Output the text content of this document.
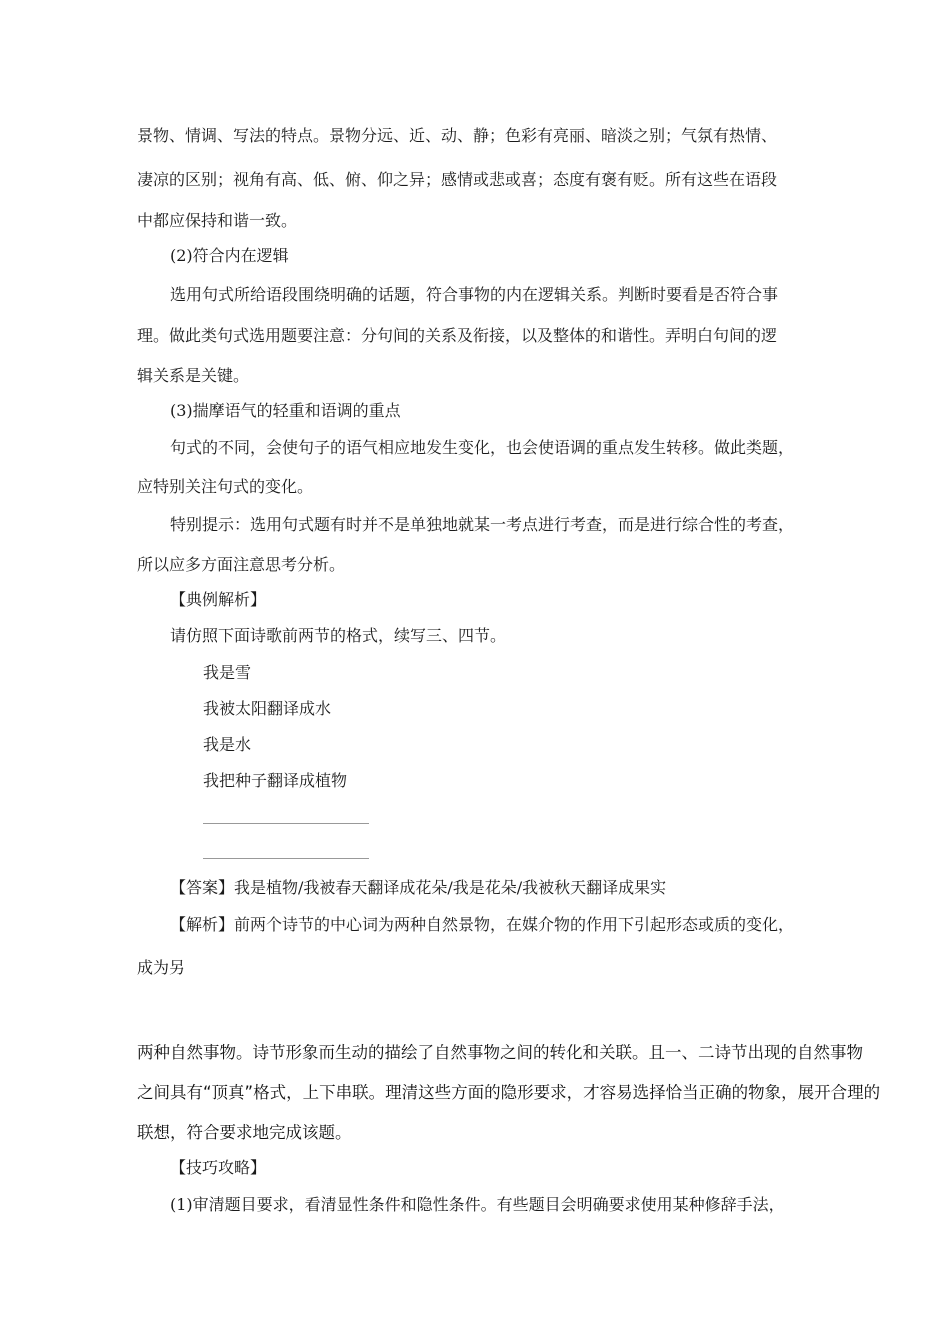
景物、情调、写法的特点。景物分远、近、动、静；色彩有亮丽、暗淡之别；气氛有热情、
凄凉的区别；视角有高、低、俯、仰之异；感情或悲或喜；态度有褒有贬。所有这些在语段
中都应保持和谐一致。
(2)符合内在逻辑
选用句式所给语段围绕明确的话题，符合事物的内在逻辑关系。判断时要看是否符合事
理。做此类句式选用题要注意：分句间的关系及衔接，以及整体的和谐性。弄明白句间的逻
辑关系是关键。
(3)揣摩语气的轻重和语调的重点
句式的不同，会使句子的语气相应地发生变化，也会使语调的重点发生转移。做此类题，
应特别关注句式的变化。
特别提示：选用句式题有时并不是单独地就某一考点进行考查，而是进行综合性的考查，
所以应多方面注意思考分析。
【典例解析】
请仿照下面诗歌前两节的格式，续写三、四节。
我是雪
我被太阳翻译成水
我是水
我把种子翻译成植物
【答案】我是植物/我被春天翻译成花朵/我是花朵/我被秋天翻译成果实
【解析】前两个诗节的中心词为两种自然景物，在媒介物的作用下引起形态或质的变化，
成为另
两种自然事物。诗节形象而生动的描绘了自然事物之间的转化和关联。且一、二诗节出现的自然事物
之间具有“顶真”格式，上下串联。理清这些方面的隐形要求，才容易选择恰当正确的物象，展开合理的
联想，符合要求地完成该题。
【技巧攻略】
(1)审清题目要求，看清显性条件和隐性条件。有些题目会明确要求使用某种修辞手法，
